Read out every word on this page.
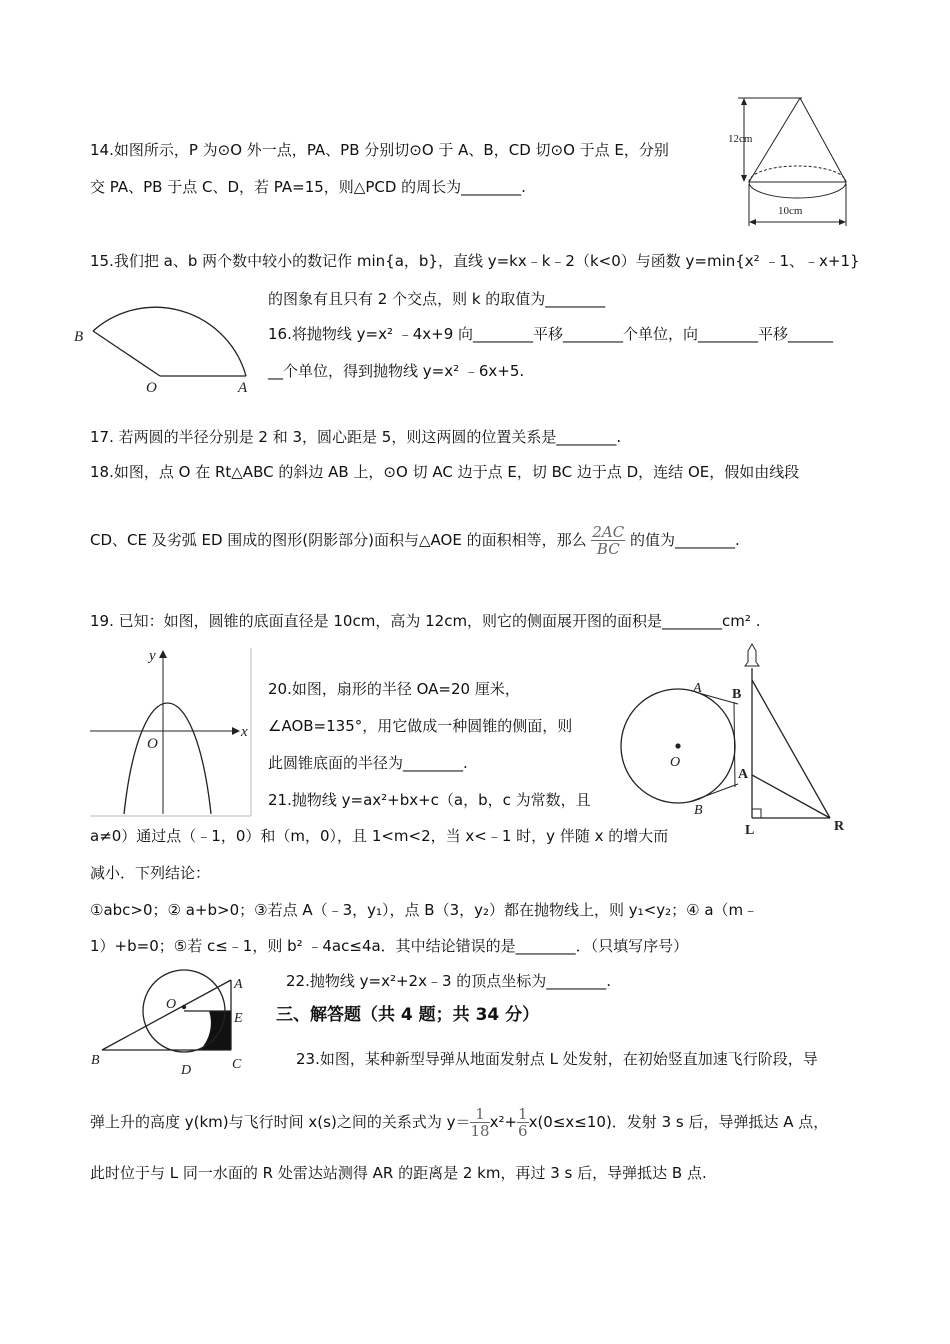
12cm
10cm
14.如图所示，P 为⊙O 外一点，PA、PB 分别切⊙O 于 A、B，CD 切⊙O 于点 E，分别
交 PA、PB 于点 C、D，若 PA=15，则△PCD 的周长为________.
15.我们把 a、b 两个数中较小的数记作 min{a，b}，直线 y=kx﹣k﹣2（k<0）与函数 y=min{x² ﹣1、﹣x+1}
B
O	A
的图象有且只有 2 个交点，则 k 的取值为________
16.将抛物线 y=x² ﹣4x+9 向________平移________个单位，向________平移______
__个单位，得到抛物线 y=x² ﹣6x+5.
17. 若两圆的半径分别是 2 和 3，圆心距是 5，则这两圆的位置关系是________.
18.如图，点 O 在 Rt△ABC 的斜边 AB 上，⊙O 切 AC 边于点 E，切 BC 边于点 D，连结 OE，假如由线段
CD、CE 及劣弧 ED 围成的图形(阴影部分)面积与△AOE 的面积相等，那么 $\frac{2AC}{BC}$ 的值为________.
19. 已知：如图，圆锥的底面直径是 10cm，高为 12cm，则它的侧面展开图的面积是________cm² .
y
x
O
20.如图，扇形的半径 OA=20 厘米，
∠AOB=135°，用它做成一种圆锥的侧面，则
此圆锥底面的半径为________.
A
B
O
B
A
L	R
21.抛物线 y=ax²+bx+c（a，b，c 为常数，且
a≠0）通过点（﹣1，0）和（m，0），且 1<m<2，当 x<﹣1 时，y 伴随 x 的增大而
减小．下列结论：
①abc>0；② a+b>0；③若点 A（﹣3，y₁），点 B（3，y₂）都在抛物线上，则 y₁<y₂；④ a（m﹣
1）+b=0；⑤若 c≤﹣1，则 b² ﹣4ac≤4a．其中结论错误的是________．（只填写序号）
A
O
E
B
D	C
22.抛物线 y=x²+2x﹣3 的顶点坐标为________.
三、解答题（共 4 题；共 34 分）
23.如图，某种新型导弹从地面发射点 L 处发射，在初始竖直加速飞行阶段，导
弹上升的高度 y(km)与飞行时间 x(s)之间的关系式为 $y= \frac{1}{18} x^2+ \frac{1}{6} x(0\le x\le 10)$．发射 3 s 后，导弹抵达 A 点，
此时位于与 L 同一水面的 R 处雷达站测得 AR 的距离是 2 km，再过 3 s 后，导弹抵达 B 点.
